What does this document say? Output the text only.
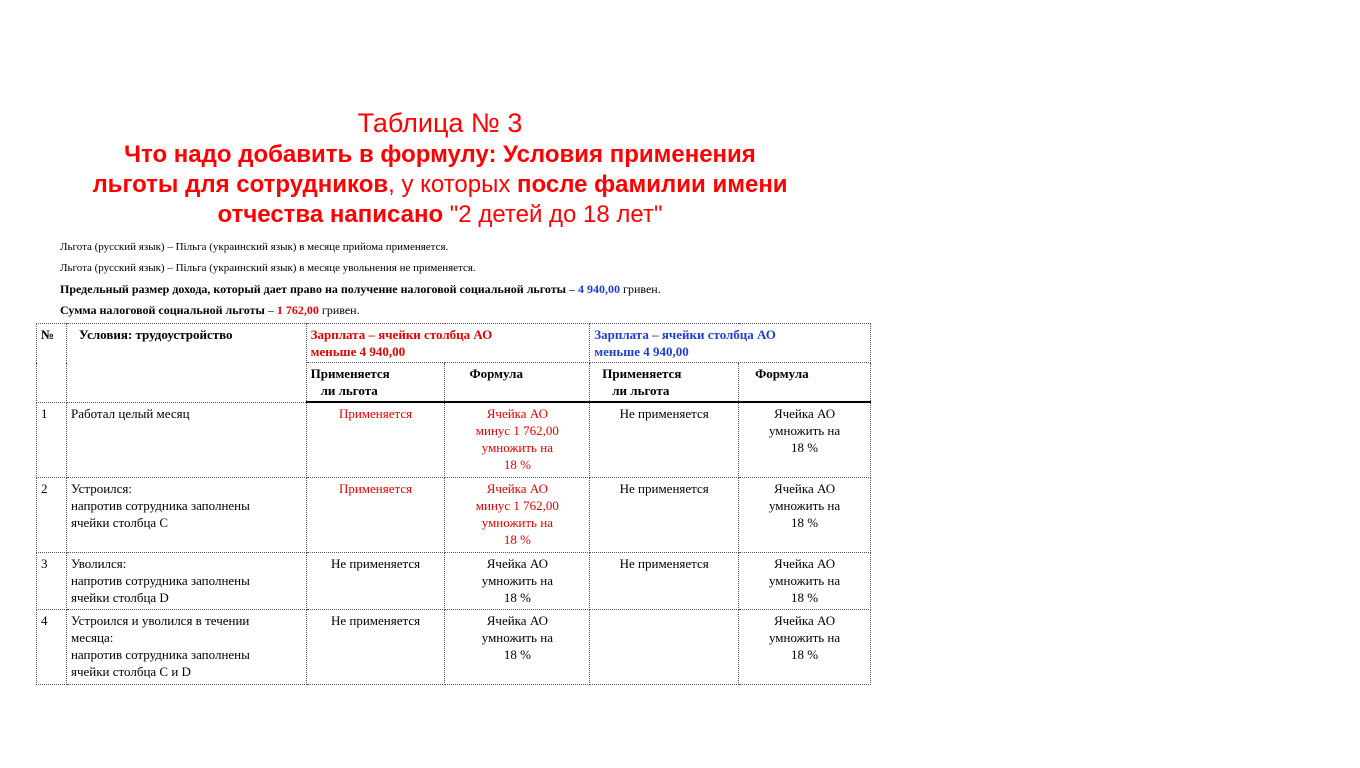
Таблица № 3
Что надо добавить в формулу: Условия применения
льготы для сотрудников, у которых после фамилии имени
отчества написано "2 детей до 18 лет"

Льгота (русский язык) – Пільга (украинский язык) в месяце прийома применяется.

Льгота (русский язык) – Пільга (украинский язык) в месяце увольнения не применяется.

Предельный размер дохода, который дает право на получение налоговой социальной льготы – 4 940,00 гривен.

Сумма налоговой социальной льготы – 1 762,00 гривен.

№	Условия: трудоустройство	Зарплата – ячейки столбца АО
меньше 4 940,00		Зарплата – ячейки столбца АО
меньше 4 940,00	

		Применяется
ли льгота	Формула	Применяется
ли льгота	Формула
1	Работал целый месяц	Применяется	Ячейка АО
минус 1 762,00
умножить на
18 %	Не применяется	Ячейка АО
умножить на
18 %

2	Устроился:
напротив сотрудника заполнены
ячейки столбца С	Применяется	Ячейка АО
минус 1 762,00
умножить на
18 %	Не применяется	Ячейка АО
умножить на
18 %

3	Уволился:
напротив сотрудника заполнены
ячейки столбца D	Не применяется	Ячейка АО
умножить на
18 %	Не применяется	Ячейка АО
умножить на
18 %

4	Устроился и уволился в течении
месяца:
напротив сотрудника заполнены
ячейки столбца С и D	Не применяется	Ячейка АО
умножить на
18 %		Ячейка АО
умножить на
18 %
